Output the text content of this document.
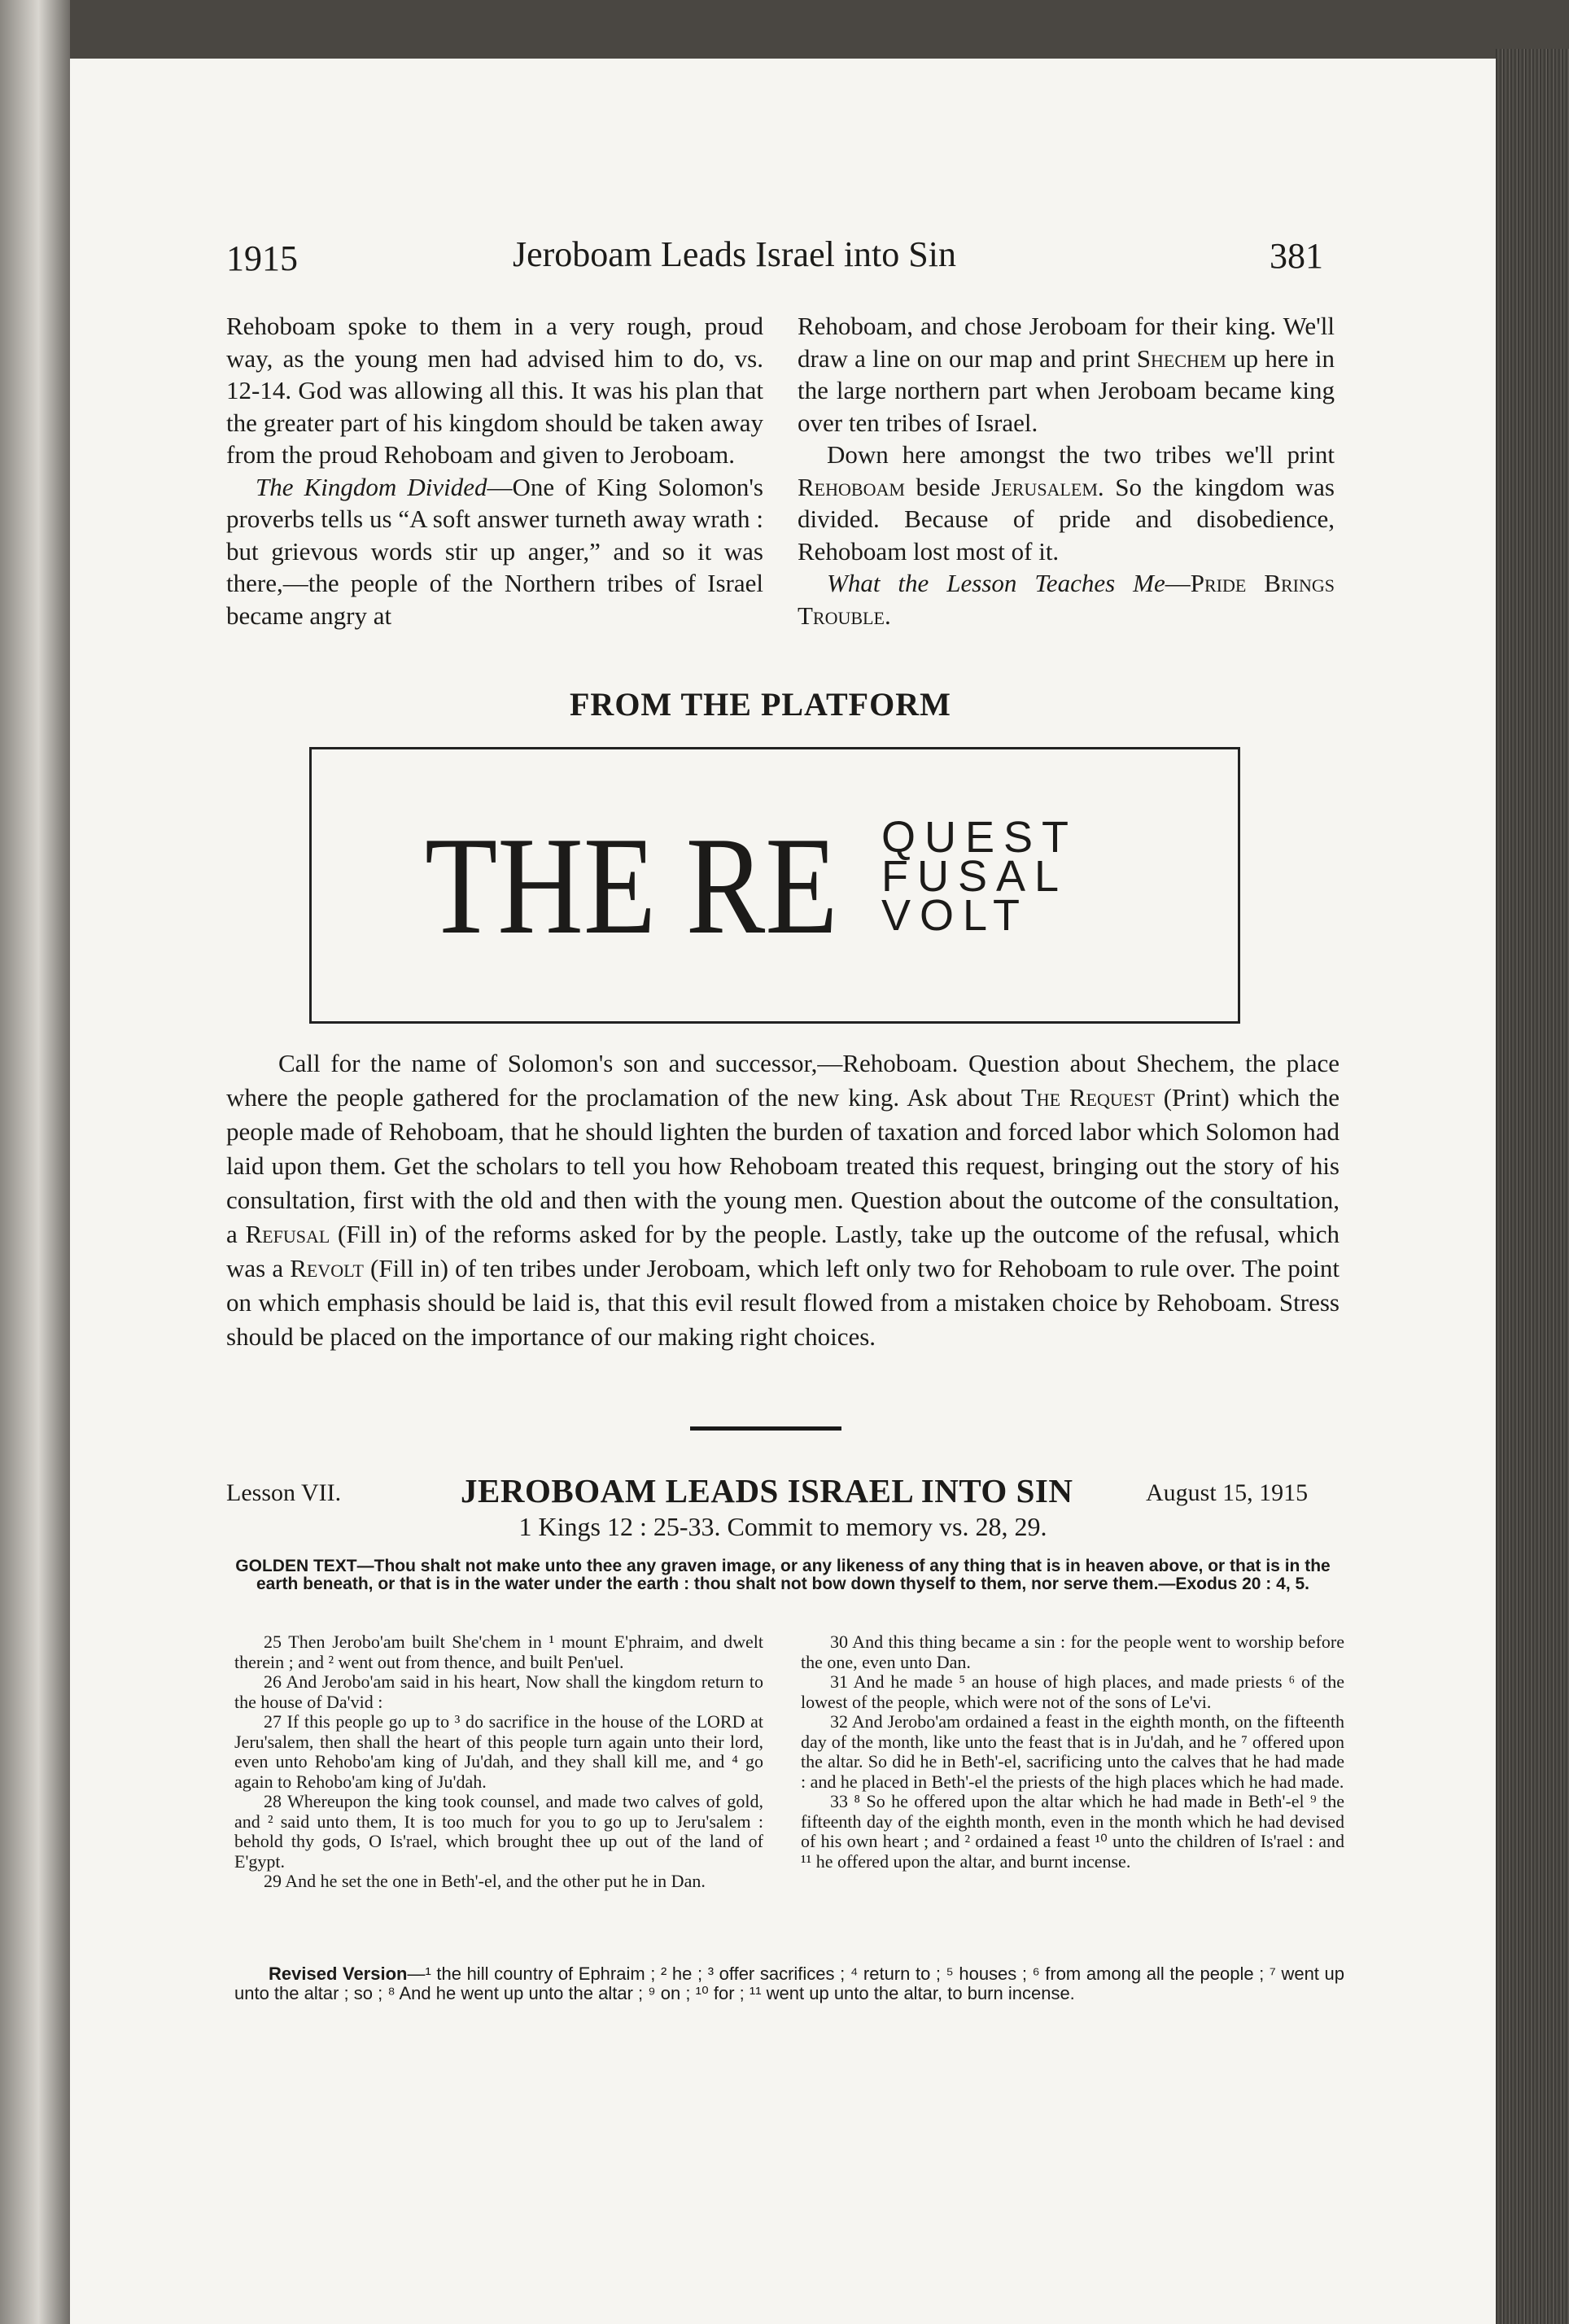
1915	Jeroboam Leads Israel into Sin	381

Rehoboam spoke to them in a very rough, proud way, as the young men had advised him to do, vs. 12-14. God was allowing all this. It was his plan that the greater part of his kingdom should be taken away from the proud Rehoboam and given to Jeroboam.

The Kingdom Divided—One of King Solomon's proverbs tells us “A soft answer turneth away wrath : but grievous words stir up anger,” and so it was there,—the people of the Northern tribes of Israel became angry at

Rehoboam, and chose Jeroboam for their king. We'll draw a line on our map and print Shechem up here in the large northern part when Jeroboam became king over ten tribes of Israel.

Down here amongst the two tribes we'll print Rehoboam beside Jerusalem. So the kingdom was divided. Because of pride and disobedience, Rehoboam lost most of it.

What the Lesson Teaches Me—Pride Brings Trouble.

FROM THE PLATFORM
THE RE QUEST
FUSAL
VOLT
Call for the name of Solomon's son and successor,—Rehoboam. Question about Shechem, the place where the people gathered for the proclamation of the new king. Ask about The Request (Print) which the people made of Rehoboam, that he should lighten the burden of taxation and forced labor which Solomon had laid upon them. Get the scholars to tell you how Rehoboam treated this request, bringing out the story of his consultation, first with the old and then with the young men. Question about the outcome of the consultation, a Refusal (Fill in) of the reforms asked for by the people. Lastly, take up the outcome of the refusal, which was a Revolt (Fill in) of ten tribes under Jeroboam, which left only two for Rehoboam to rule over. The point on which emphasis should be laid is, that this evil result flowed from a mistaken choice by Rehoboam. Stress should be placed on the importance of our making right choices.
Lesson VII.	JEROBOAM LEADS ISRAEL INTO SIN	August 15, 1915
1 Kings 12 : 25-33. Commit to memory vs. 28, 29.
GOLDEN TEXT—Thou shalt not make unto thee any graven image, or any likeness of any thing that is in heaven above, or that is in the earth beneath, or that is in the water under the earth : thou shalt not bow down thyself to them, nor serve them.—Exodus 20 : 4, 5.

25 Then Jerobo'am built She'chem in ¹ mount E'phraim, and dwelt therein ; and ² went out from thence, and built Pen'uel.

26 And Jerobo'am said in his heart, Now shall the kingdom return to the house of Da'vid :

27 If this people go up to ³ do sacrifice in the house of the LORD at Jeru'salem, then shall the heart of this people turn again unto their lord, even unto Rehobo'am king of Ju'dah, and they shall kill me, and ⁴ go again to Rehobo'am king of Ju'dah.

28 Whereupon the king took counsel, and made two calves of gold, and ² said unto them, It is too much for you to go up to Jeru'salem : behold thy gods, O Is'rael, which brought thee up out of the land of E'gypt.

29 And he set the one in Beth'-el, and the other put he in Dan.

30 And this thing became a sin : for the people went to worship before the one, even unto Dan.

31 And he made ⁵ an house of high places, and made priests ⁶ of the lowest of the people, which were not of the sons of Le'vi.

32 And Jerobo'am ordained a feast in the eighth month, on the fifteenth day of the month, like unto the feast that is in Ju'dah, and he ⁷ offered upon the altar. So did he in Beth'-el, sacrificing unto the calves that he had made : and he placed in Beth'-el the priests of the high places which he had made.

33 ⁸ So he offered upon the altar which he had made in Beth'-el ⁹ the fifteenth day of the eighth month, even in the month which he had devised of his own heart ; and ² ordained a feast ¹⁰ unto the children of Is'rael : and ¹¹ he offered upon the altar, and burnt incense.

Revised Version—¹ the hill country of Ephraim ; ² he ; ³ offer sacrifices ; ⁴ return to ; ⁵ houses ; ⁶ from among all the people ; ⁷ went up unto the altar ; so ; ⁸ And he went up unto the altar ; ⁹ on ; ¹⁰ for ; ¹¹ went up unto the altar, to burn incense.
